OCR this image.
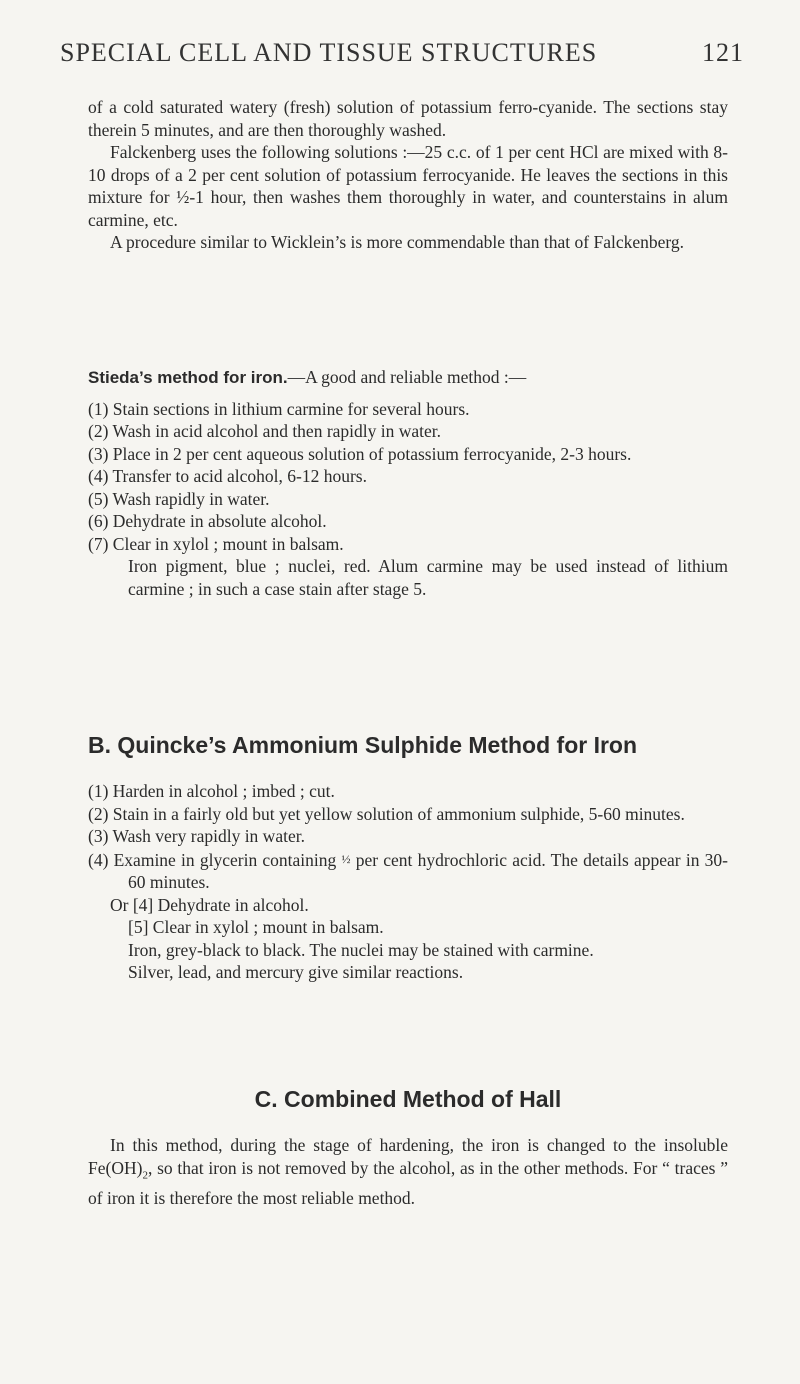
SPECIAL CELL AND TISSUE STRUCTURES	121

of a cold saturated watery (fresh) solution of potassium ferro-cyanide. The sections stay therein 5 minutes, and are then thoroughly washed.

Falckenberg uses the following solutions :—25 c.c. of 1 per cent HCl are mixed with 8-10 drops of a 2 per cent solution of potassium ferrocyanide. He leaves the sections in this mixture for ½-1 hour, then washes them thoroughly in water, and counterstains in alum carmine, etc.

A procedure similar to Wicklein’s is more commendable than that of Falckenberg.

Stieda’s method for iron.—A good and reliable method :—

(1) Stain sections in lithium carmine for several hours.

(2) Wash in acid alcohol and then rapidly in water.

(3) Place in 2 per cent aqueous solution of potassium ferrocyanide, 2-3 hours.

(4) Transfer to acid alcohol, 6-12 hours.

(5) Wash rapidly in water.

(6) Dehydrate in absolute alcohol.

(7) Clear in xylol ; mount in balsam.

Iron pigment, blue ; nuclei, red. Alum carmine may be used instead of lithium carmine ; in such a case stain after stage 5.

B. Quincke’s Ammonium Sulphide Method for Iron

(1) Harden in alcohol ; imbed ; cut.

(2) Stain in a fairly old but yet yellow solution of ammonium sulphide, 5-60 minutes.

(3) Wash very rapidly in water.

(4) Examine in glycerin containing ½ per cent hydrochloric acid. The details appear in 30-60 minutes.

Or [4] Dehydrate in alcohol.

[5] Clear in xylol ; mount in balsam.

Iron, grey-black to black. The nuclei may be stained with carmine.

Silver, lead, and mercury give similar reactions.

C. Combined Method of Hall

In this method, during the stage of hardening, the iron is changed to the insoluble $Fe(OH)_2$, so that iron is not removed by the alcohol, as in the other methods. For “ traces ” of iron it is therefore the most reliable method.
